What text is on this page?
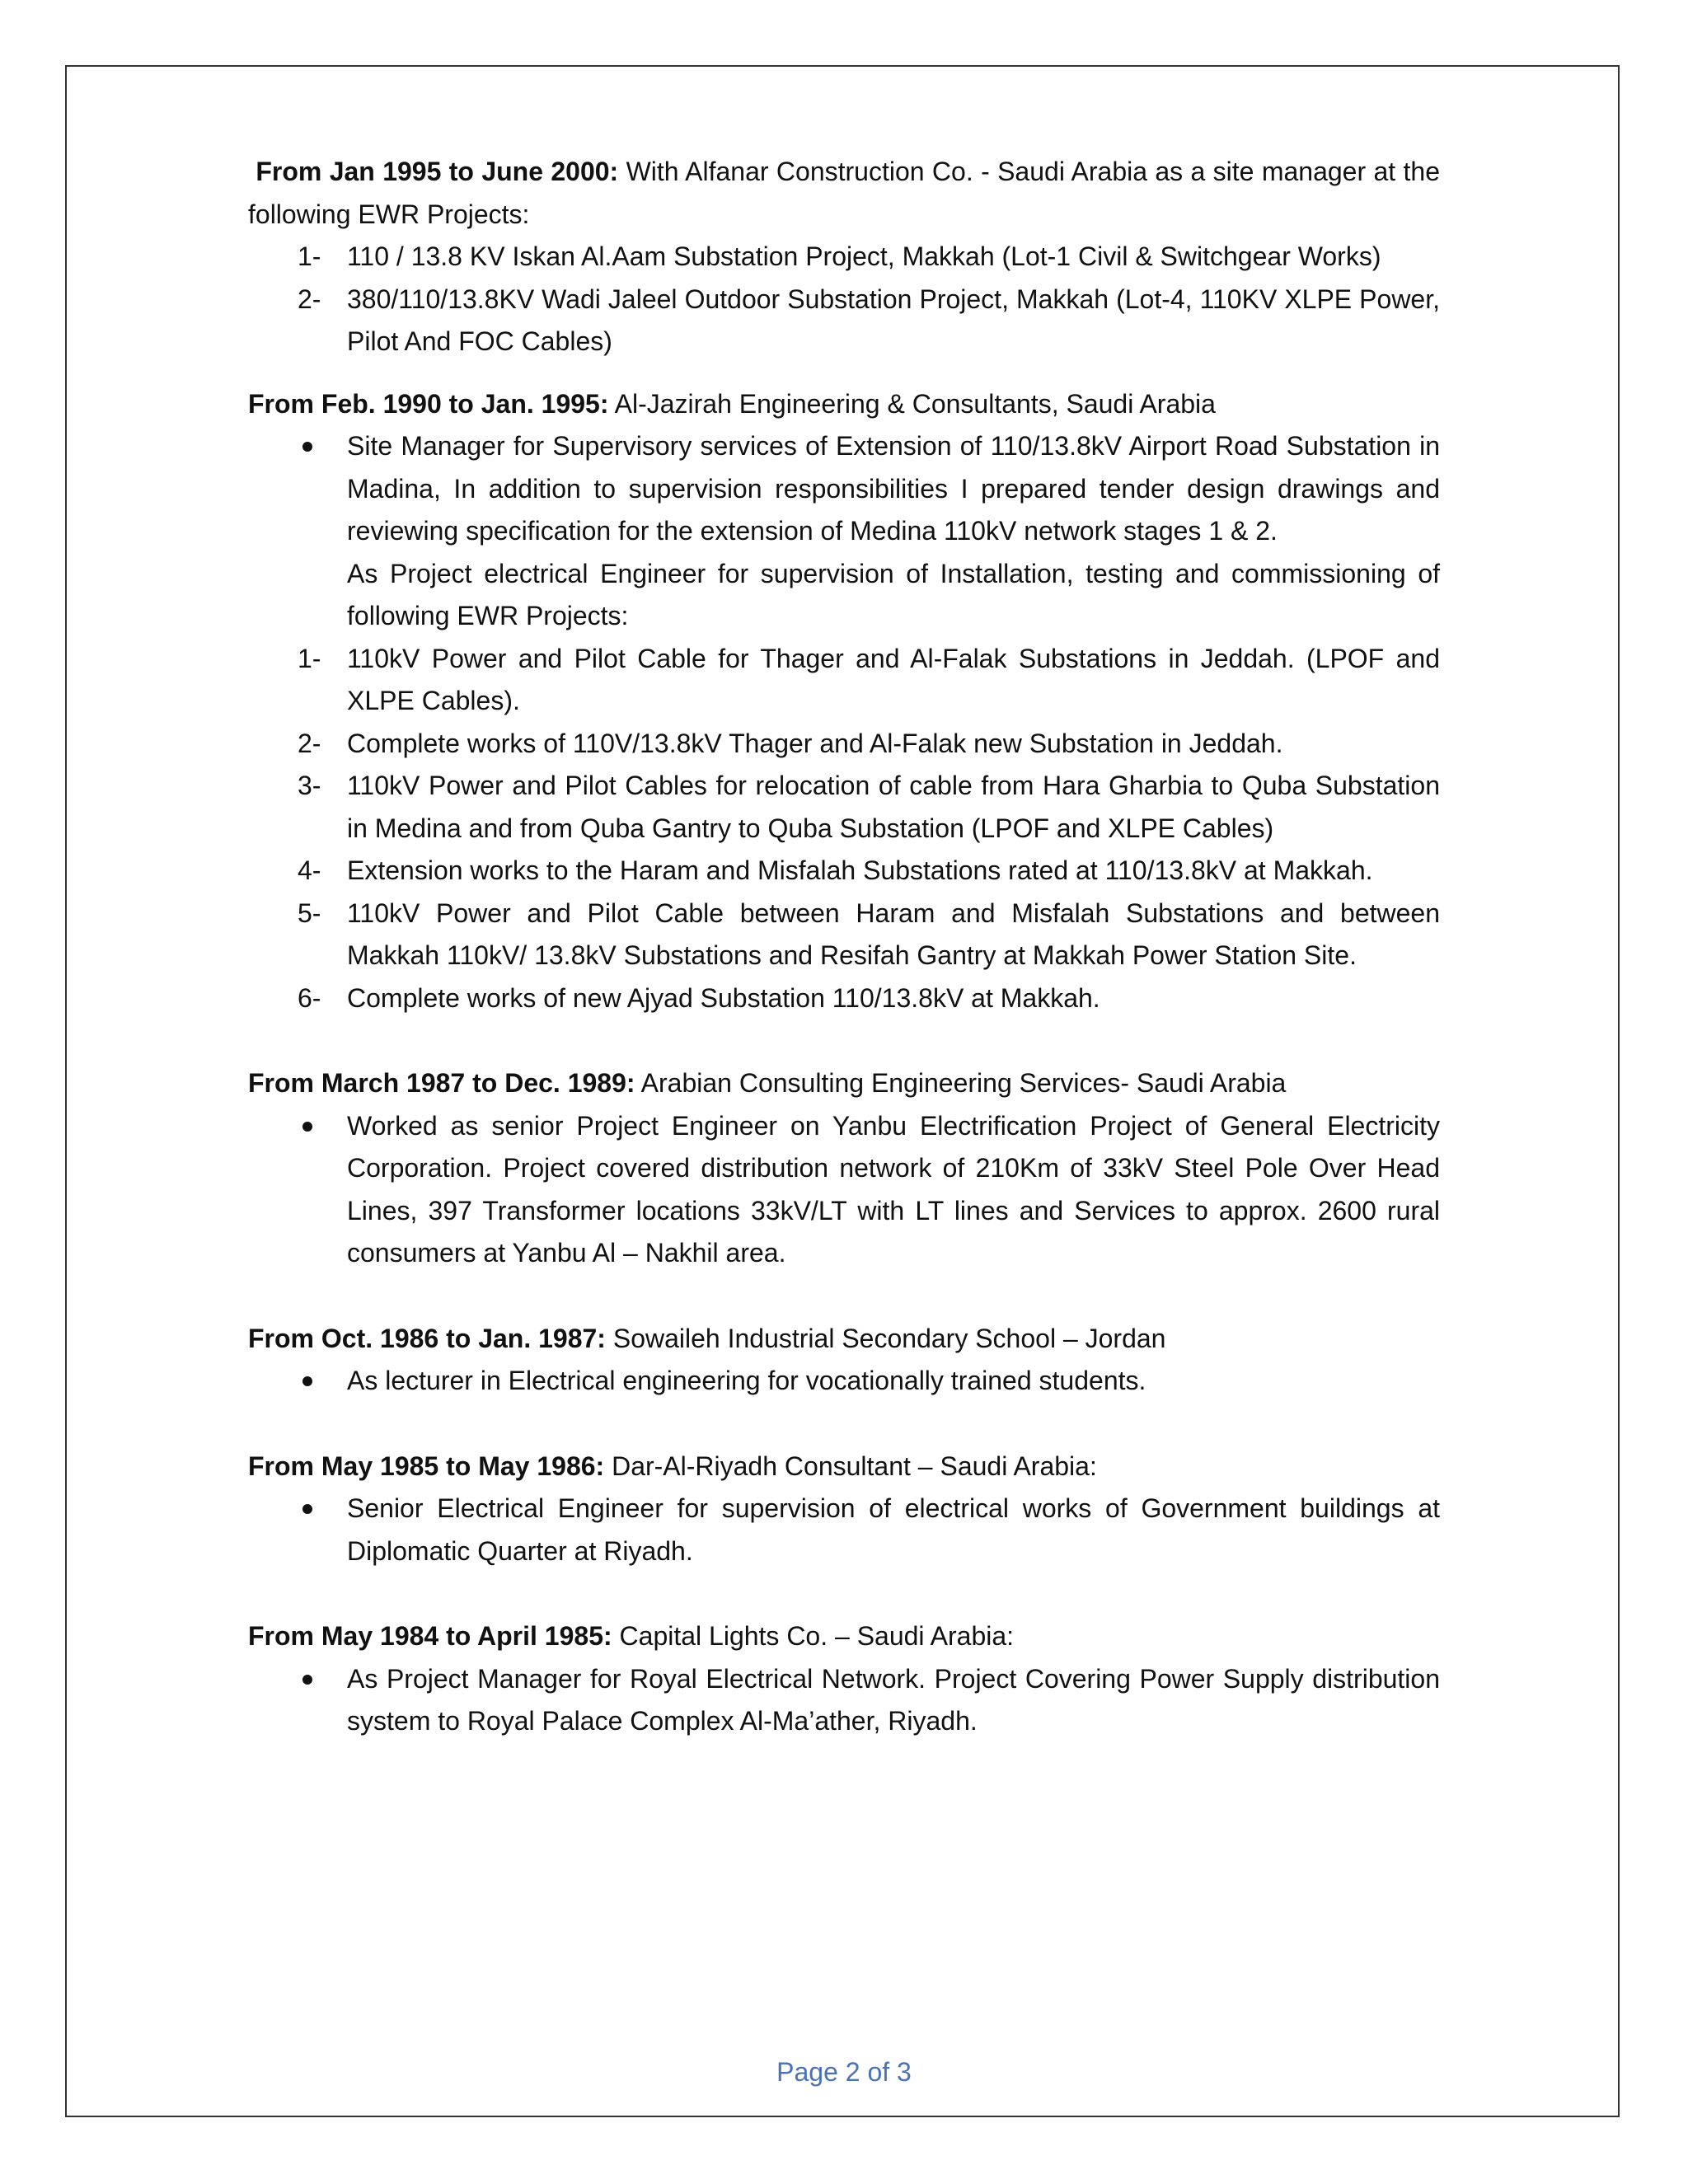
From Jan 1995 to June 2000: With Alfanar Construction Co. - Saudi Arabia as a site manager at the following EWR Projects:
1- 110 / 13.8 KV Iskan Al.Aam Substation Project, Makkah (Lot-1 Civil & Switchgear Works)
2- 380/110/13.8KV Wadi Jaleel Outdoor Substation Project, Makkah (Lot-4, 110KV XLPE Power, Pilot And FOC Cables)
From Feb. 1990 to Jan. 1995: Al-Jazirah Engineering & Consultants, Saudi Arabia
Site Manager for Supervisory services of Extension of 110/13.8kV Airport Road Substation in Madina, In addition to supervision responsibilities I prepared tender design drawings and reviewing specification for the extension of Medina 110kV network stages 1 & 2.
As Project electrical Engineer for supervision of Installation, testing and commissioning of following EWR Projects:
1- 110kV Power and Pilot Cable for Thager and Al-Falak Substations in Jeddah. (LPOF and XLPE Cables).
2- Complete works of 110V/13.8kV Thager and Al-Falak new Substation in Jeddah.
3- 110kV Power and Pilot Cables for relocation of cable from Hara Gharbia to Quba Substation in Medina and from Quba Gantry to Quba Substation (LPOF and XLPE Cables)
4- Extension works to the Haram and Misfalah Substations rated at 110/13.8kV at Makkah.
5- 110kV Power and Pilot Cable between Haram and Misfalah Substations and between Makkah 110kV/ 13.8kV Substations and Resifah Gantry at Makkah Power Station Site.
6- Complete works of new Ajyad Substation 110/13.8kV at Makkah.
From March 1987 to Dec. 1989: Arabian Consulting Engineering Services- Saudi Arabia
Worked as senior Project Engineer on Yanbu Electrification Project of General Electricity Corporation. Project covered distribution network of 210Km of 33kV Steel Pole Over Head Lines, 397 Transformer locations 33kV/LT with LT lines and Services to approx. 2600 rural consumers at Yanbu Al – Nakhil area.
From Oct. 1986 to Jan. 1987: Sowaileh Industrial Secondary School – Jordan
As lecturer in Electrical engineering for vocationally trained students.
From May 1985 to May 1986: Dar-Al-Riyadh Consultant – Saudi Arabia:
Senior Electrical Engineer for supervision of electrical works of Government buildings at Diplomatic Quarter at Riyadh.
From May 1984 to April 1985: Capital Lights Co. – Saudi Arabia:
As Project Manager for Royal Electrical Network. Project Covering Power Supply distribution system to Royal Palace Complex Al-Ma’ather, Riyadh.
Page 2 of 3
